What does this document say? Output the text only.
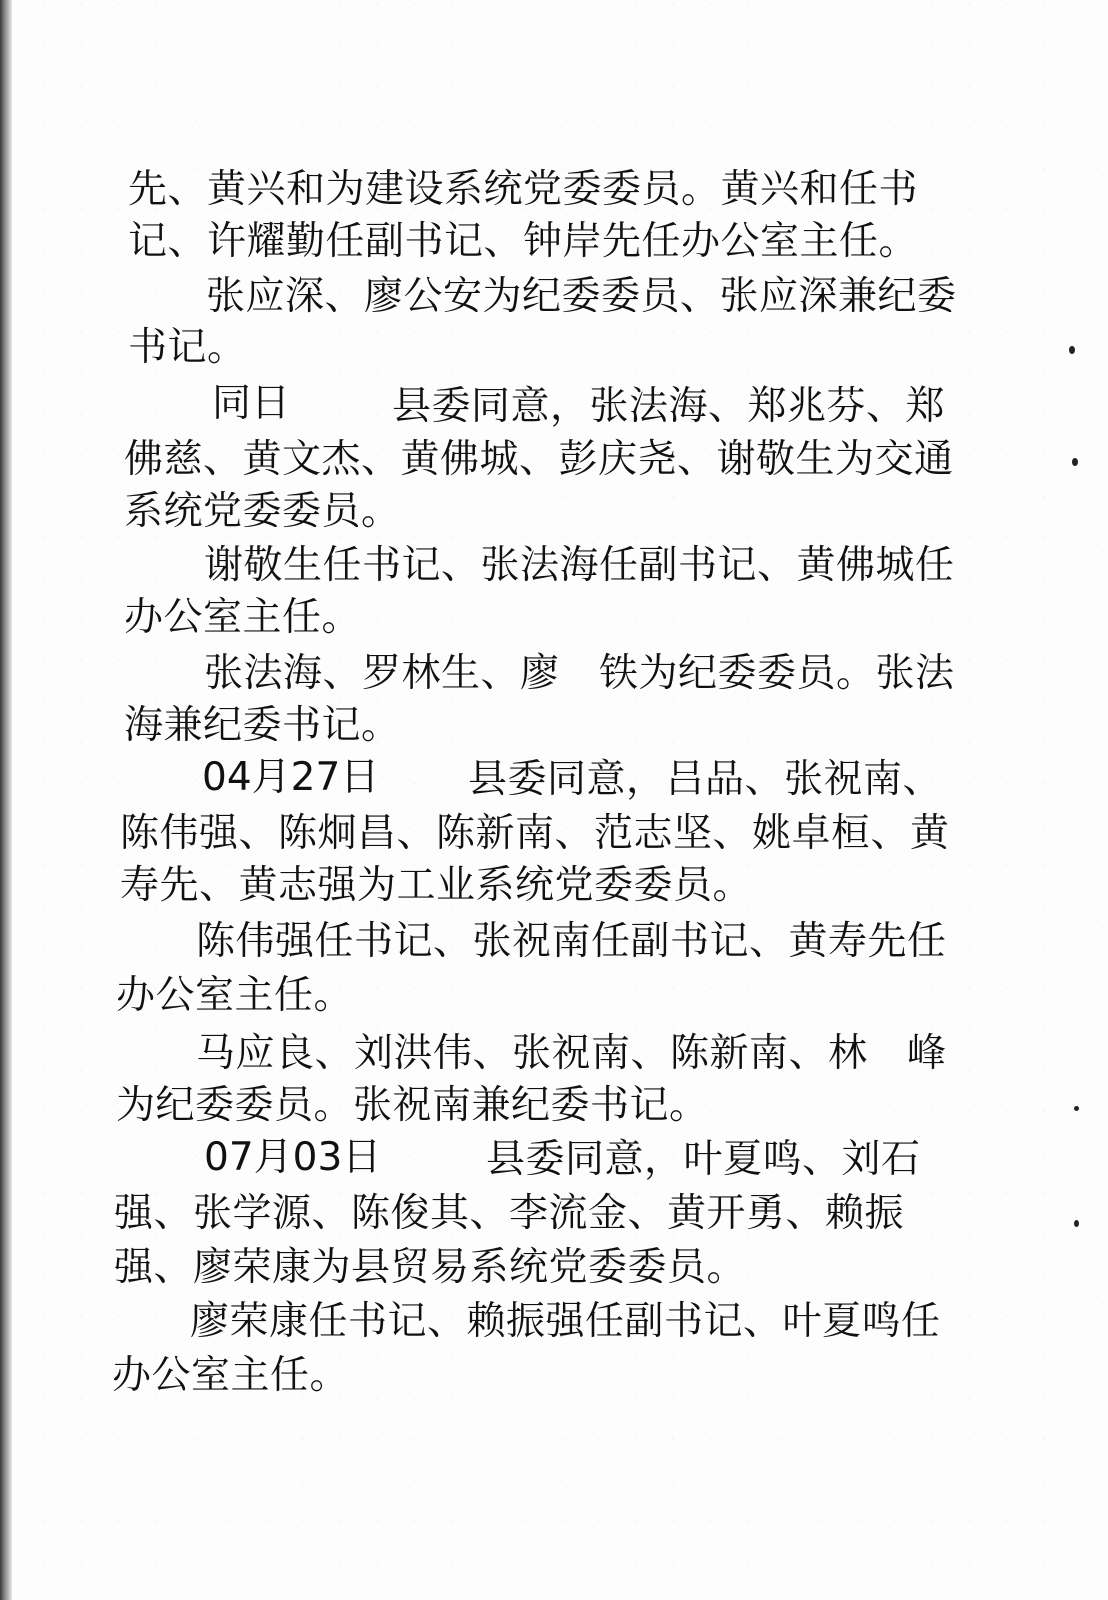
先、黄兴和为建设系统党委委员。黄兴和任书
记、许耀勤任副书记、钟岸先任办公室主任。
张应深、廖公安为纪委委员、张应深兼纪委
书记。
同日	县委同意，张法海、郑兆芬、郑
佛慈、黄文杰、黄佛城、彭庆尧、谢敬生为交通
系统党委委员。
谢敬生任书记、张法海任副书记、黄佛城任
办公室主任。
张法海、罗林生、廖　铁为纪委委员。张法
海兼纪委书记。
04月27日 县委同意，吕品、张祝南、
陈伟强、陈炯昌、陈新南、范志坚、姚卓桓、黄
寿先、黄志强为工业系统党委委员。
陈伟强任书记、张祝南任副书记、黄寿先任
办公室主任。
马应良、刘洪伟、张祝南、陈新南、林　峰
为纪委委员。张祝南兼纪委书记。
07月03日	县委同意，叶夏鸣、刘石
强、张学源、陈俊其、李流金、黄开勇、赖振
强、廖荣康为县贸易系统党委委员。
廖荣康任书记、赖振强任副书记、叶夏鸣任
办公室主任。
